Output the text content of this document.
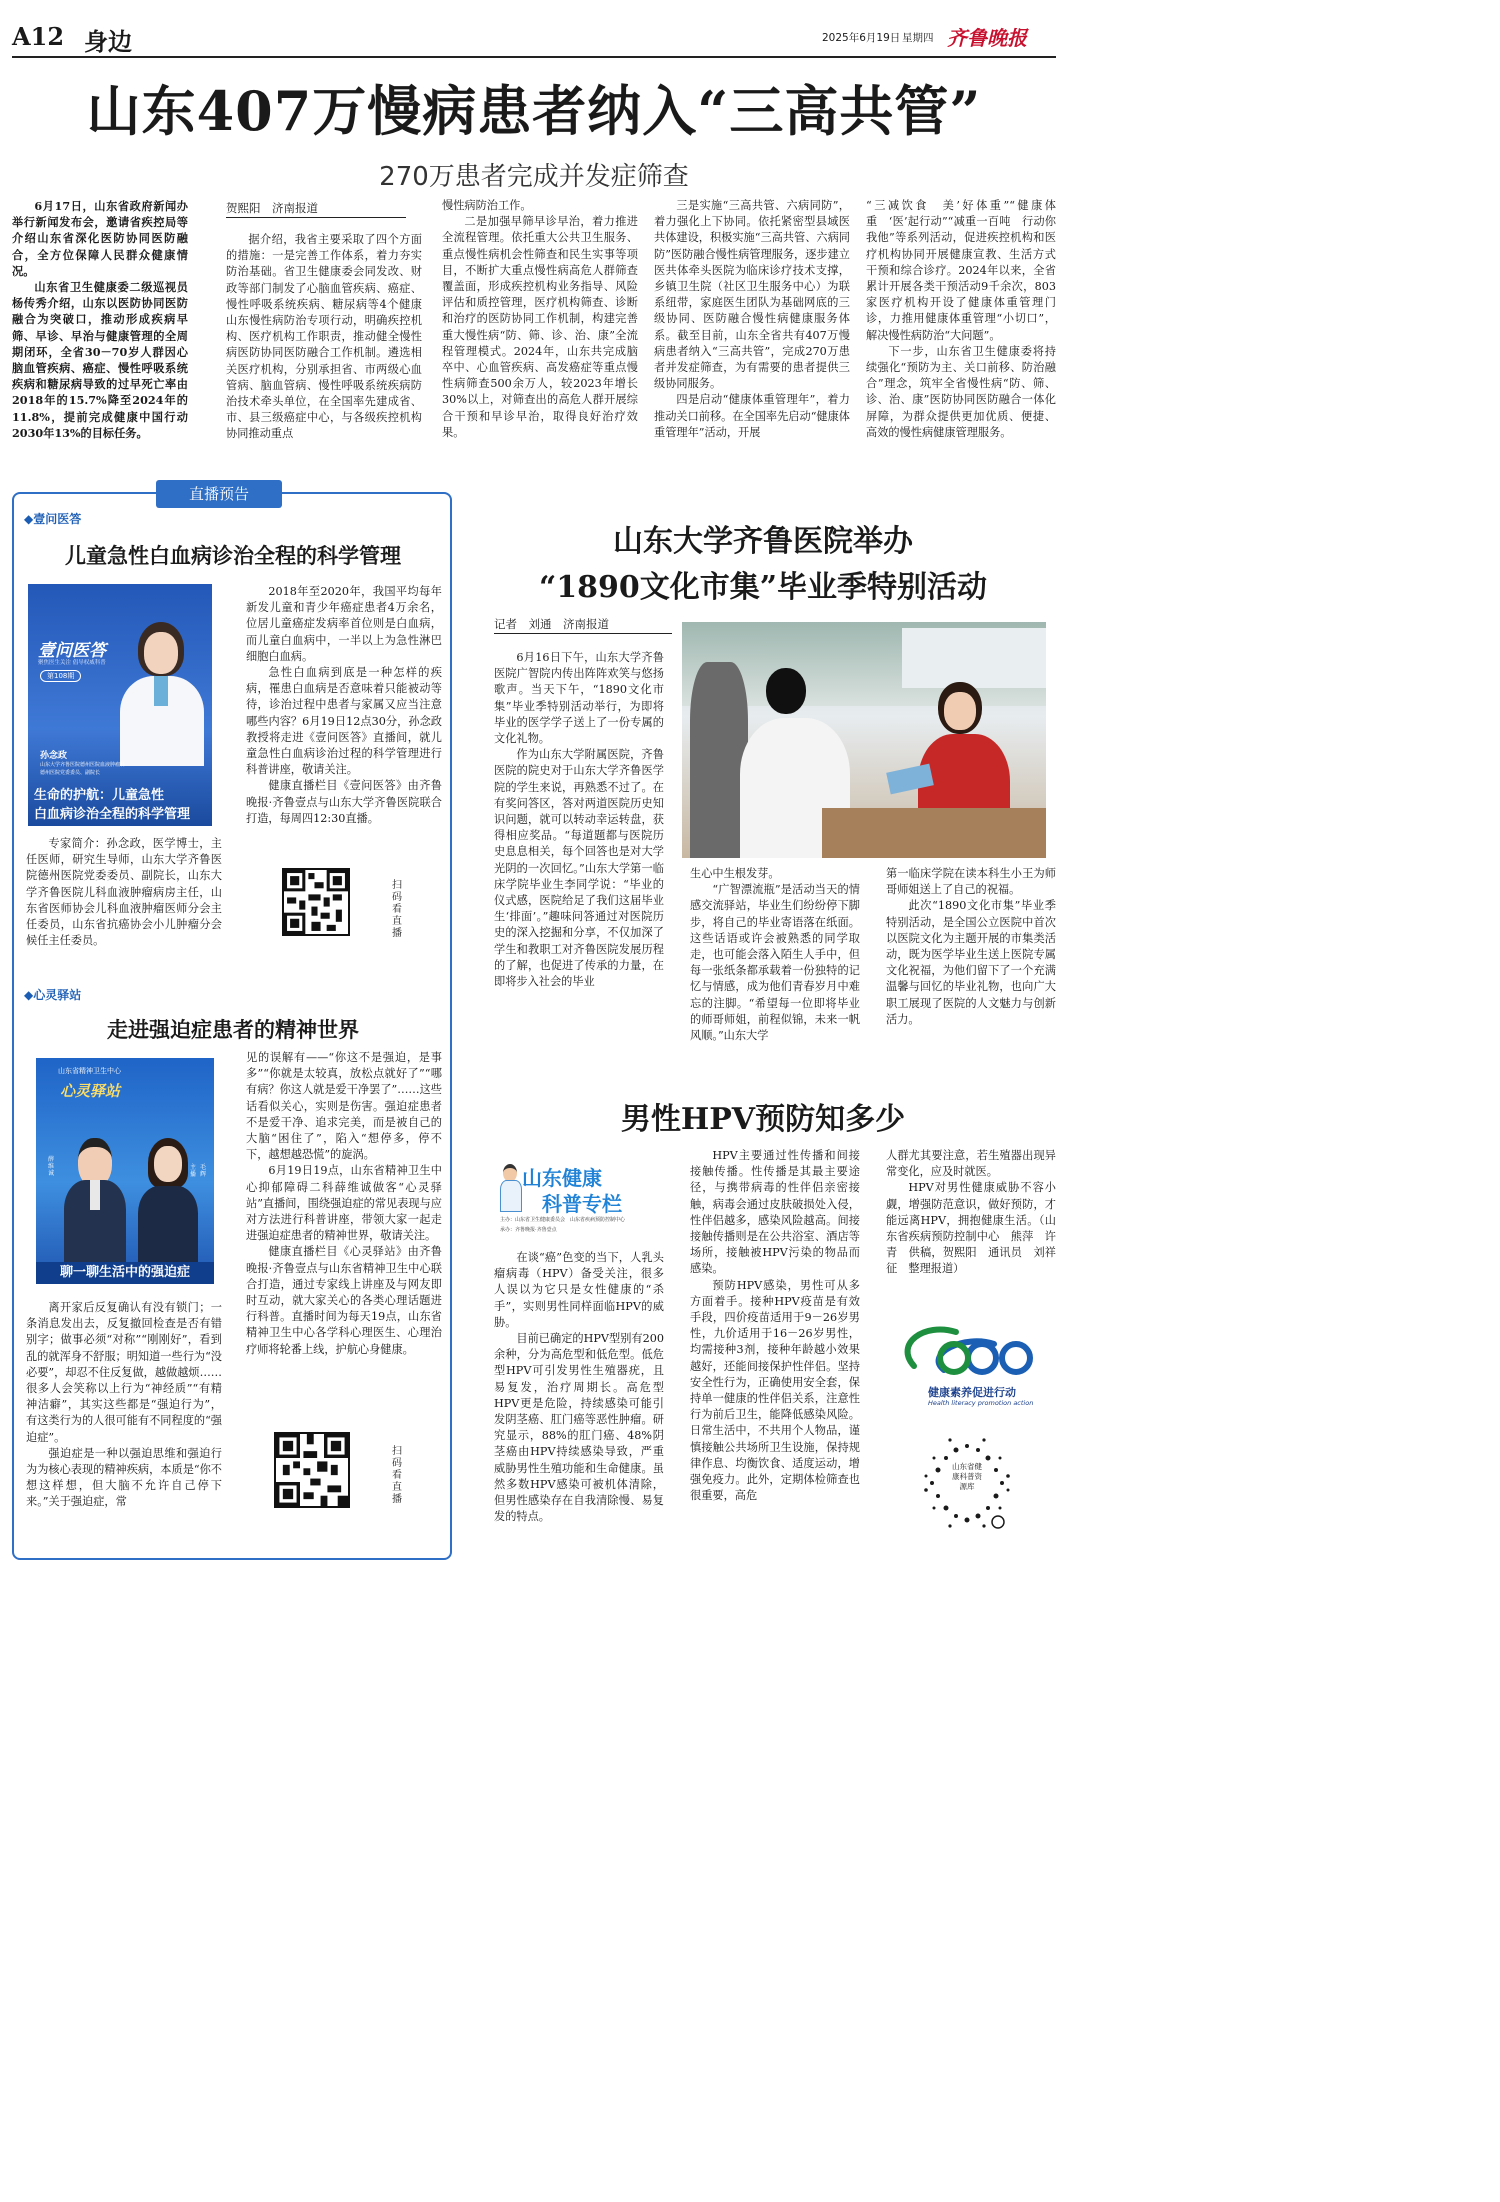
A12 身边	2025年6月19日 星期四 齐鲁晚报
山东407万慢病患者纳入“三高共管”
270万患者完成并发症筛查

6月17日，山东省政府新闻办举行新闻发布会，邀请省疾控局等介绍山东省深化医防协同医防融合，全方位保障人民群众健康情况。

山东省卫生健康委二级巡视员杨传秀介绍，山东以医防协同医防融合为突破口，推动形成疾病早筛、早诊、早治与健康管理的全周期闭环，全省30－70岁人群因心脑血管疾病、癌症、慢性呼吸系统疾病和糖尿病导致的过早死亡率由2018年的15.7%降至2024年的11.8%，提前完成健康中国行动2030年13%的目标任务。

贺熙阳　济南报道

据介绍，我省主要采取了四个方面的措施：一是完善工作体系，着力夯实防治基础。省卫生健康委会同发改、财政等部门制发了心脑血管疾病、癌症、慢性呼吸系统疾病、糖尿病等4个健康山东慢性病防治专项行动，明确疾控机构、医疗机构工作职责，推动健全慢性病医防协同医防融合工作机制。遴选相关医疗机构，分别承担省、市两级心血管病、脑血管病、慢性呼吸系统疾病防治技术牵头单位，在全国率先建成省、市、县三级癌症中心，与各级疾控机构协同推动重点

慢性病防治工作。

二是加强早筛早诊早治，着力推进全流程管理。依托重大公共卫生服务、重点慢性病机会性筛查和民生实事等项目，不断扩大重点慢性病高危人群筛查覆盖面，形成疾控机构业务指导、风险评估和质控管理，医疗机构筛查、诊断和治疗的医防协同工作机制，构建完善重大慢性病“防、筛、诊、治、康”全流程管理模式。2024年，山东共完成脑卒中、心血管疾病、高发癌症等重点慢性病筛查500余万人，较2023年增长30%以上，对筛查出的高危人群开展综合干预和早诊早治，取得良好治疗效果。

三是实施“三高共管、六病同防”，着力强化上下协同。依托紧密型县域医共体建设，积极实施“三高共管、六病同防”医防融合慢性病管理服务，逐步建立医共体牵头医院为临床诊疗技术支撑，乡镇卫生院（社区卫生服务中心）为联系纽带，家庭医生团队为基础网底的三级协同、医防融合慢性病健康服务体系。截至目前，山东全省共有407万慢病患者纳入“三高共管”，完成270万患者并发症筛查，为有需要的患者提供三级协同服务。

四是启动“健康体重管理年”，着力推动关口前移。在全国率先启动“健康体重管理年”活动，开展

“三减饮食　美’好体重”“健康体重　‘医’起行动”“减重一百吨　行动你我他”等系列活动，促进疾控机构和医疗机构协同开展健康宣教、生活方式干预和综合诊疗。2024年以来，全省累计开展各类干预活动9千余次，803家医疗机构开设了健康体重管理门诊，力推用健康体重管理“小切口”，解决慢性病防治“大问题”。

下一步，山东省卫生健康委将持续强化“预防为主、关口前移、防治融合”理念，筑牢全省慢性病“防、筛、诊、治、康”医防协同医防融合一体化屏障，为群众提供更加优质、便捷、高效的慢性病健康管理服务。

直播预告
◆壹问医答
儿童急性白血病诊治全程的科学管理
壹问医答
聚焦医生关注 倡导权威科普
第108期
孙念政
山东大学齐鲁医院德州医院血液肿瘤科
德州医院党委委员、副院长
生命的护航：儿童急性
白血病诊治全程的科学管理

2018年至2020年，我国平均每年新发儿童和青少年癌症患者4万余名，位居儿童癌症发病率首位则是白血病，而儿童白血病中，一半以上为急性淋巴细胞白血病。

急性白血病到底是一种怎样的疾病，罹患白血病是否意味着只能被动等待，诊治过程中患者与家属又应当注意哪些内容？6月19日12点30分，孙念政教授将走进《壹问医答》直播间，就儿童急性白血病诊治过程的科学管理进行科普讲座，敬请关注。

健康直播栏目《壹问医答》由齐鲁晚报·齐鲁壹点与山东大学齐鲁医院联合打造，每周四12:30直播。

专家简介：孙念政，医学博士，主任医师，研究生导师，山东大学齐鲁医院德州医院党委委员、副院长，山东大学齐鲁医院儿科血液肿瘤病房主任，山东省医师协会儿科血液肿瘤医师分会主任委员，山东省抗癌协会小儿肿瘤分会候任主任委员。

扫码看直播
◆心灵驿站
走进强迫症患者的精神世界
山东省精神卫生中心
心灵驿站
薛维诚
毛辉
主播
聊一聊生活中的强迫症

离开家后反复确认有没有锁门；一条消息发出去，反复撤回检查是否有错别字；做事必须“对称”“刚刚好”，看到乱的就浑身不舒服；明知道一些行为“没必要”，却忍不住反复做，越做越烦……很多人会笑称以上行为“神经质”“有精神洁癖”，其实这些都是“强迫行为”，有这类行为的人很可能有不同程度的“强迫症”。

强迫症是一种以强迫思维和强迫行为为核心表现的精神疾病，本质是“你不想这样想，但大脑不允许自己停下来。”关于强迫症，常

见的误解有——“你这不是强迫，是事多”“你就是太较真，放松点就好了”“哪有病？你这人就是爱干净罢了”……这些话看似关心，实则是伤害。强迫症患者不是爱干净、追求完美，而是被自己的大脑“困住了”，陷入“想停多，停不下，越想越恐慌”的旋涡。

6月19日19点，山东省精神卫生中心抑郁障碍二科薛维诚做客“心灵驿站”直播间，围绕强迫症的常见表现与应对方法进行科普讲座，带领大家一起走进强迫症患者的精神世界，敬请关注。

健康直播栏目《心灵驿站》由齐鲁晚报·齐鲁壹点与山东省精神卫生中心联合打造，通过专家线上讲座及与网友即时互动，就大家关心的各类心理话题进行科普。直播时间为每天19点，山东省精神卫生中心各学科心理医生、心理治疗师将轮番上线，护航心身健康。

扫码看直播
山东大学齐鲁医院举办
“1890文化市集”毕业季特别活动
记者　刘通　济南报道

6月16日下午，山东大学齐鲁医院广智院内传出阵阵欢笑与悠扬歌声。当天下午，“1890文化市集”毕业季特别活动举行，为即将毕业的医学学子送上了一份专属的文化礼物。

作为山东大学附属医院，齐鲁医院的院史对于山东大学齐鲁医学院的学生来说，再熟悉不过了。在有奖问答区，答对两道医院历史知识问题，就可以转动幸运转盘，获得相应奖品。“每道题都与医院历史息息相关，每个回答也是对大学光阴的一次回忆。”山东大学第一临床学院毕业生李同学说：“毕业的仪式感，医院给足了我们这届毕业生‘排面’。”趣味问答通过对医院历史的深入挖掘和分享，不仅加深了学生和教职工对齐鲁医院发展历程的了解，也促进了传承的力量，在即将步入社会的毕业

生心中生根发芽。

“广智漂流瓶”是活动当天的情感交流驿站，毕业生们纷纷停下脚步，将自己的毕业寄语落在纸面。这些话语或许会被熟悉的同学取走，也可能会落入陌生人手中，但每一张纸条都承载着一份独特的记忆与情感，成为他们青春岁月中难忘的注脚。“希望每一位即将毕业的师哥师姐，前程似锦，未来一帆风顺。”山东大学

第一临床学院在读本科生小王为师哥师姐送上了自己的祝福。

此次“1890文化市集”毕业季特别活动，是全国公立医院中首次以医院文化为主题开展的市集类活动，既为医学毕业生送上医院专属文化祝福，为他们留下了一个充满温馨与回忆的毕业礼物，也向广大职工展现了医院的人文魅力与创新活力。

男性HPV预防知多少
山东健康
科普专栏
主办：山东省卫生健康委员会　山东省疾病预防控制中心
承办：齐鲁晚报·齐鲁壹点

在谈“癌”色变的当下，人乳头瘤病毒（HPV）备受关注，很多人误以为它只是女性健康的“杀手”，实则男性同样面临HPV的威胁。

目前已确定的HPV型别有200余种，分为高危型和低危型。低危型HPV可引发男性生殖器疣，且易复发，治疗周期长。高危型HPV更是危险，持续感染可能引发阴茎癌、肛门癌等恶性肿瘤。研究显示，88%的肛门癌、48%阴茎癌由HPV持续感染导致，严重威胁男性生殖功能和生命健康。虽然多数HPV感染可被机体清除，但男性感染存在自我清除慢、易复发的特点。

HPV主要通过性传播和间接接触传播。性传播是其最主要途径，与携带病毒的性伴侣亲密接触，病毒会通过皮肤破损处入侵，性伴侣越多，感染风险越高。间接接触传播则是在公共浴室、酒店等场所，接触被HPV污染的物品而感染。

预防HPV感染，男性可从多方面着手。接种HPV疫苗是有效手段，四价疫苗适用于9－26岁男性，九价适用于16－26岁男性，均需接种3剂，接种年龄越小效果越好，还能间接保护性伴侣。坚持安全性行为，正确使用安全套，保持单一健康的性伴侣关系，注意性行为前后卫生，能降低感染风险。日常生活中，不共用个人物品，谨慎接触公共场所卫生设施，保持规律作息、均衡饮食、适度运动，增强免疫力。此外，定期体检筛查也很重要，高危

人群尤其要注意，若生殖器出现异常变化，应及时就医。

HPV对男性健康威胁不容小觑，增强防范意识，做好预防，才能远离HPV，拥抱健康生活。（山东省疾病预防控制中心　熊萍　许青　供稿，贺熙阳　通讯员　刘祥征　整理报道）

健康素养促进行动
Health literacy promotion action
山东省健康科普资源库
